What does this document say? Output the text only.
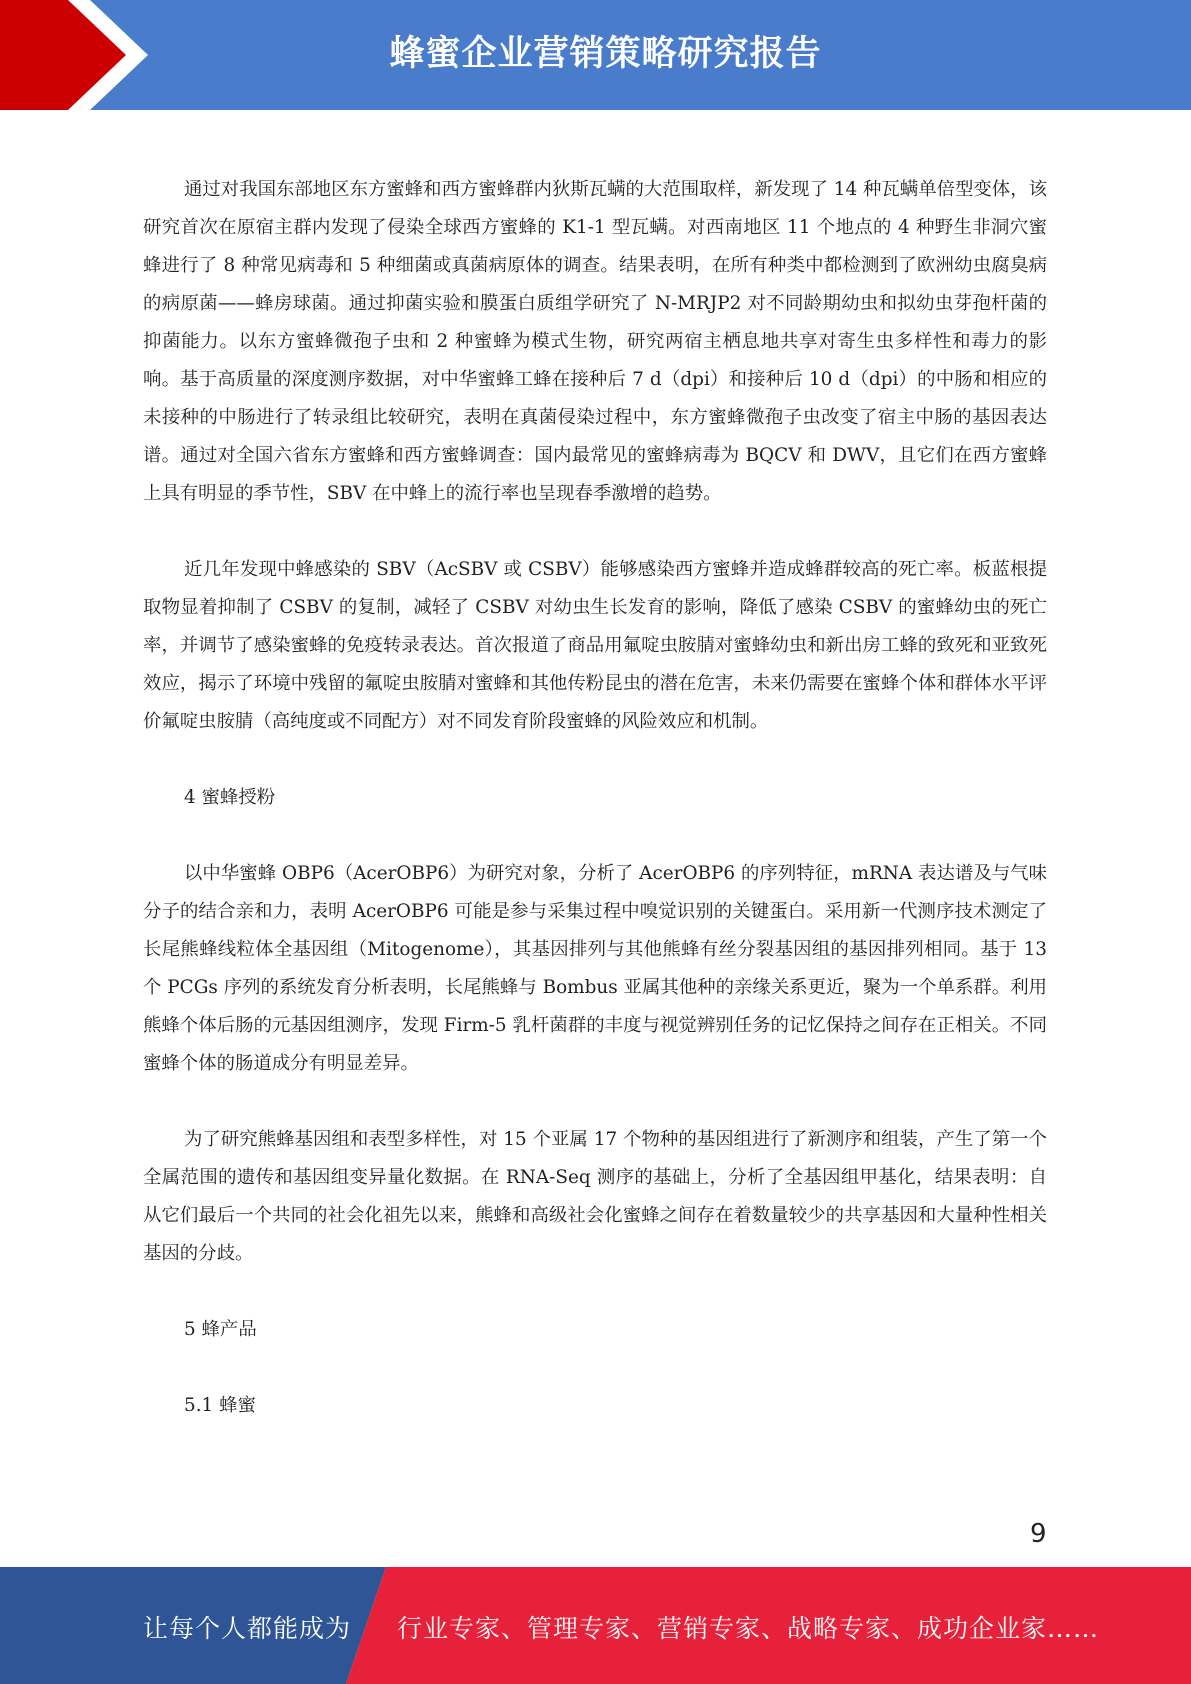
蜂蜜企业营销策略研究报告

通过对我国东部地区东方蜜蜂和西方蜜蜂群内狄斯瓦螨的大范围取样，新发现了 14 种瓦螨单倍型变体，该研究首次在原宿主群内发现了侵染全球西方蜜蜂的 K1-1 型瓦螨。对西南地区 11 个地点的 4 种野生非洞穴蜜蜂进行了 8 种常见病毒和 5 种细菌或真菌病原体的调查。结果表明，在所有种类中都检测到了欧洲幼虫腐臭病的病原菌——蜂房球菌。通过抑菌实验和膜蛋白质组学研究了 N-MRJP2 对不同龄期幼虫和拟幼虫芽孢杆菌的抑菌能力。以东方蜜蜂微孢子虫和 2 种蜜蜂为模式生物，研究两宿主栖息地共享对寄生虫多样性和毒力的影响。基于高质量的深度测序数据，对中华蜜蜂工蜂在接种后 7 d（dpi）和接种后 10 d（dpi）的中肠和相应的未接种的中肠进行了转录组比较研究，表明在真菌侵染过程中，东方蜜蜂微孢子虫改变了宿主中肠的基因表达谱。通过对全国六省东方蜜蜂和西方蜜蜂调查：国内最常见的蜜蜂病毒为 BQCV 和 DWV，且它们在西方蜜蜂上具有明显的季节性，SBV 在中蜂上的流行率也呈现春季激增的趋势。

近几年发现中蜂感染的 SBV（AcSBV 或 CSBV）能够感染西方蜜蜂并造成蜂群较高的死亡率。板蓝根提取物显着抑制了 CSBV 的复制，减轻了 CSBV 对幼虫生长发育的影响，降低了感染 CSBV 的蜜蜂幼虫的死亡率，并调节了感染蜜蜂的免疫转录表达。首次报道了商品用氟啶虫胺腈对蜜蜂幼虫和新出房工蜂的致死和亚致死效应，揭示了环境中残留的氟啶虫胺腈对蜜蜂和其他传粉昆虫的潜在危害，未来仍需要在蜜蜂个体和群体水平评价氟啶虫胺腈（高纯度或不同配方）对不同发育阶段蜜蜂的风险效应和机制。

4 蜜蜂授粉

以中华蜜蜂 OBP6（AcerOBP6）为研究对象，分析了 AcerOBP6 的序列特征，mRNA 表达谱及与气味分子的结合亲和力，表明 AcerOBP6 可能是参与采集过程中嗅觉识别的关键蛋白。采用新一代测序技术测定了长尾熊蜂线粒体全基因组（Mitogenome），其基因排列与其他熊蜂有丝分裂基因组的基因排列相同。基于 13 个 PCGs 序列的系统发育分析表明，长尾熊蜂与 Bombus 亚属其他种的亲缘关系更近，聚为一个单系群。利用熊蜂个体后肠的元基因组测序，发现 Firm-5 乳杆菌群的丰度与视觉辨别任务的记忆保持之间存在正相关。不同蜜蜂个体的肠道成分有明显差异。

为了研究熊蜂基因组和表型多样性，对 15 个亚属 17 个物种的基因组进行了新测序和组装，产生了第一个全属范围的遗传和基因组变异量化数据。在 RNA-Seq 测序的基础上，分析了全基因组甲基化，结果表明：自从它们最后一个共同的社会化祖先以来，熊蜂和高级社会化蜜蜂之间存在着数量较少的共享基因和大量种性相关基因的分歧。

5 蜂产品

5.1 蜂蜜

9
让每个人都能成为 行业专家、管理专家、营销专家、战略专家、成功企业家……
